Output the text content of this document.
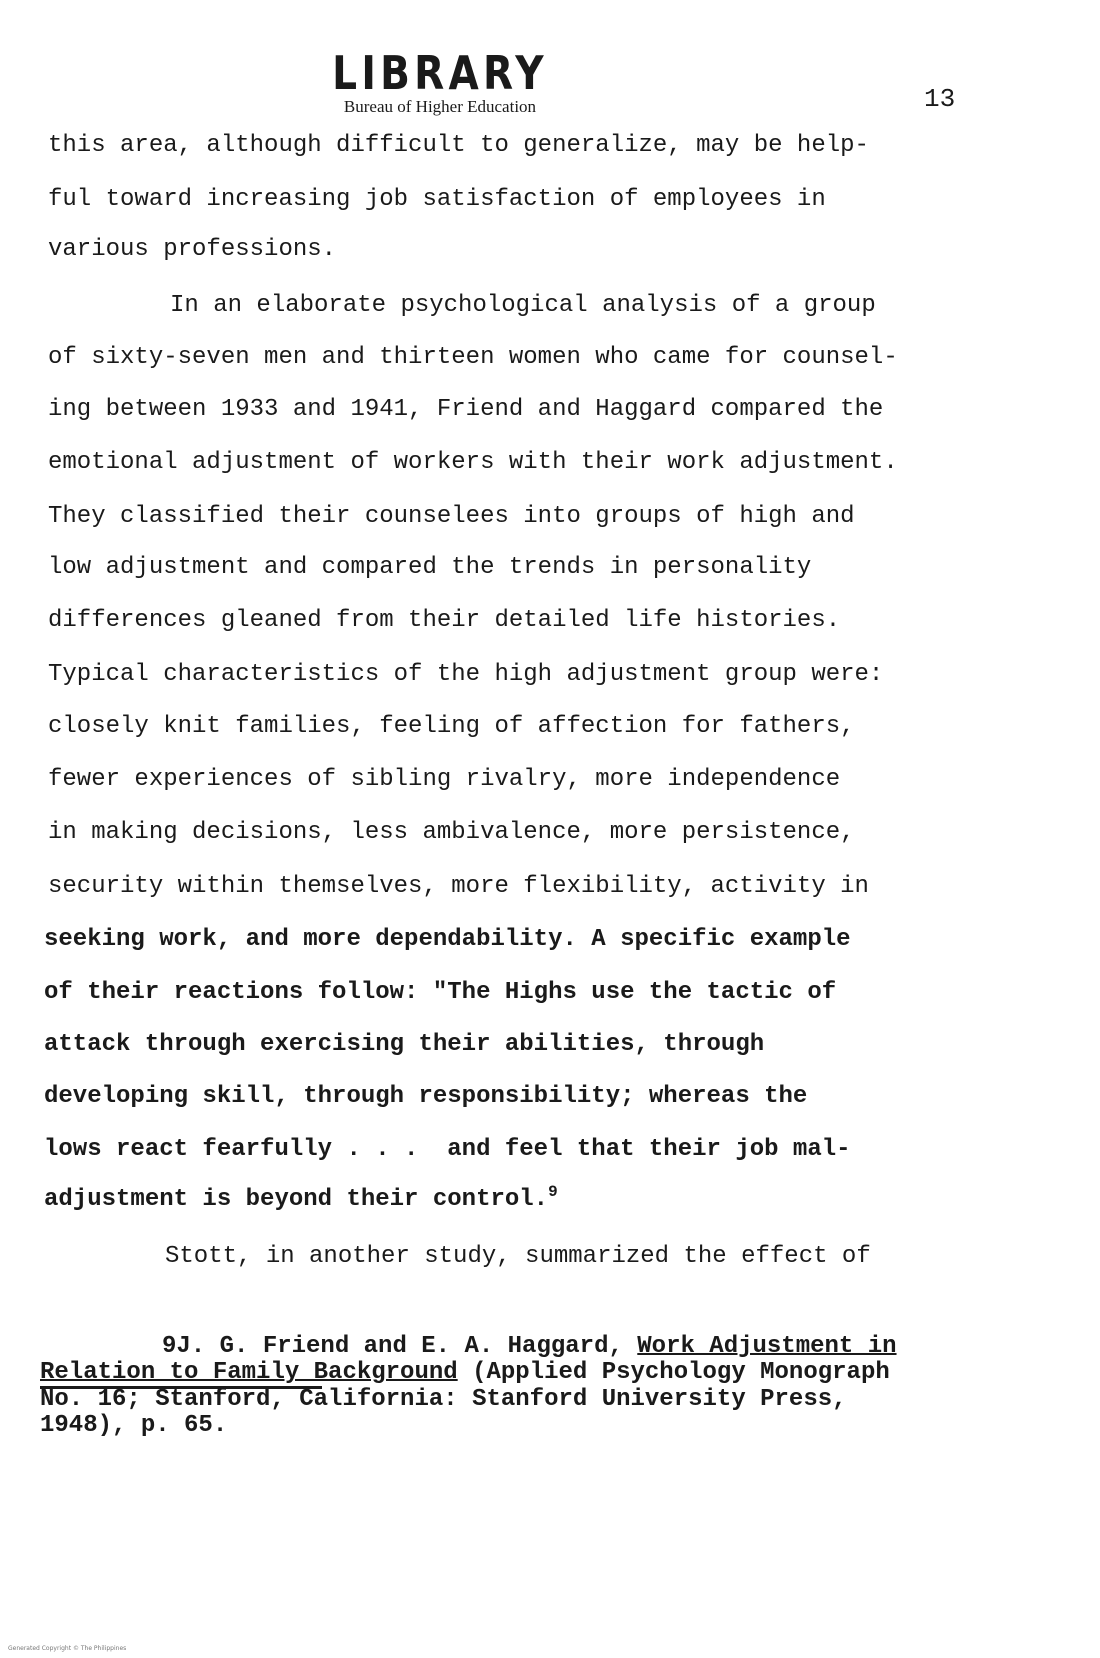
LIBRARY
Bureau of Higher Education	13
this area, although difficult to generalize, may be help-
ful toward increasing job satisfaction of employees in
various professions.
In an elaborate psychological analysis of a group
of sixty-seven men and thirteen women who came for counsel-
ing between 1933 and 1941, Friend and Haggard compared the
emotional adjustment of workers with their work adjustment.
They classified their counselees into groups of high and
low adjustment and compared the trends in personality
differences gleaned from their detailed life histories.
Typical characteristics of the high adjustment group were:
closely knit families, feeling of affection for fathers,
fewer experiences of sibling rivalry, more independence
in making decisions, less ambivalence, more persistence,
security within themselves, more flexibility, activity in
seeking work, and more dependability. A specific example
of their reactions follow: "The Highs use the tactic of
attack through exercising their abilities, through
developing skill, through responsibility; whereas the
lows react fearfully . . .  and feel that their job mal-
adjustment is beyond their control.$^9$
Stott, in another study, summarized the effect of
9J. G. Friend and E. A. Haggard, Work Adjustment in
Relation to Family Background (Applied Psychology Monograph
No. 16; Stanford, California: Stanford University Press,
1948), p. 65.
Generated Copyright © The Philippines
